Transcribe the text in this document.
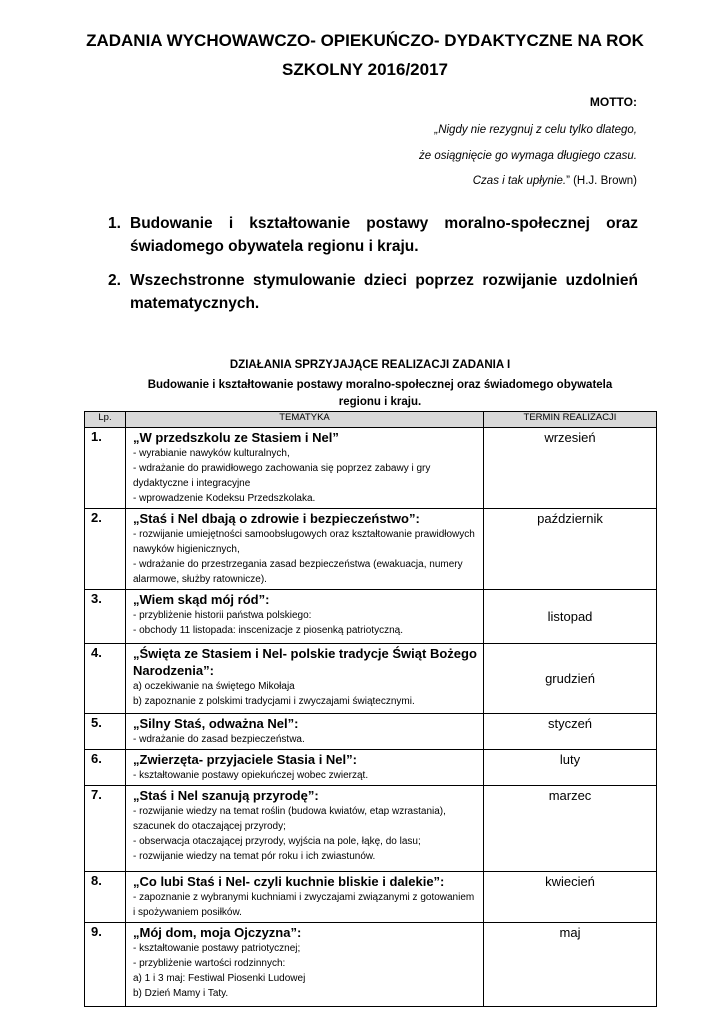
ZADANIA WYCHOWAWCZO- OPIEKUŃCZO- DYDAKTYCZNE NA ROK
SZKOLNY 2016/2017
MOTTO:
„Nigdy nie rezygnuj z celu tylko dlatego,
że osiągnięcie go wymaga długiego czasu.
Czas i tak upłynie.” (H.J. Brown)
1. Budowanie i kształtowanie postawy moralno-społecznej oraz świadomego obywatela regionu i kraju.
2. Wszechstronne stymulowanie dzieci poprzez rozwijanie uzdolnień matematycznych.
DZIAŁANIA SPRZYJAJĄCE REALIZACJI ZADANIA I
Budowanie i kształtowanie postawy moralno-społecznej oraz świadomego obywatela regionu i kraju.
Lp.	TEMATYKA	TERMIN REALIZACJI
1.	„W przedszkolu ze Stasiem i Nel”
- wyrabianie nawyków kulturalnych,
- wdrażanie do prawidłowego zachowania się poprzez zabawy i gry dydaktyczne i integracyjne
- wprowadzenie Kodeksu Przedszkolaka.	wrzesień
2.	„Staś i Nel dbają o zdrowie i bezpieczeństwo”:
- rozwijanie umiejętności samoobsługowych oraz kształtowanie prawidłowych nawyków higienicznych,
- wdrażanie do przestrzegania zasad bezpieczeństwa (ewakuacja, numery alarmowe, służby ratownicze).	październik
3.	„Wiem skąd mój ród”:
- przybliżenie historii państwa polskiego:
- obchody 11 listopada: inscenizacje z piosenką patriotyczną.	listopad
4.	„Święta ze Stasiem i Nel- polskie tradycje Świąt Bożego Narodzenia”:
a) oczekiwanie na świętego Mikołaja
b) zapoznanie z polskimi tradycjami i zwyczajami świątecznymi.	grudzień
5.	„Silny Staś, odważna Nel”:
- wdrażanie do zasad bezpieczeństwa.	styczeń
6.	„Zwierzęta- przyjaciele Stasia i Nel”:
- kształtowanie postawy opiekuńczej wobec zwierząt.	luty
7.	„Staś i Nel szanują przyrodę”:
- rozwijanie wiedzy na temat roślin (budowa kwiatów, etap wzrastania), szacunek do otaczającej przyrody;
- obserwacja otaczającej przyrody, wyjścia na pole, łąkę, do lasu;
- rozwijanie wiedzy na temat pór roku i ich zwiastunów.	marzec
8.	„Co lubi Staś i Nel- czyli kuchnie bliskie i dalekie”:
- zapoznanie z wybranymi kuchniami i zwyczajami związanymi z gotowaniem i spożywaniem posiłków.	kwiecień
9.	„Mój dom, moja Ojczyzna”:
- kształtowanie postawy patriotycznej;
- przybliżenie wartości rodzinnych:
a) 1 i 3 maj: Festiwal Piosenki Ludowej
b) Dzień Mamy i Taty.	maj
